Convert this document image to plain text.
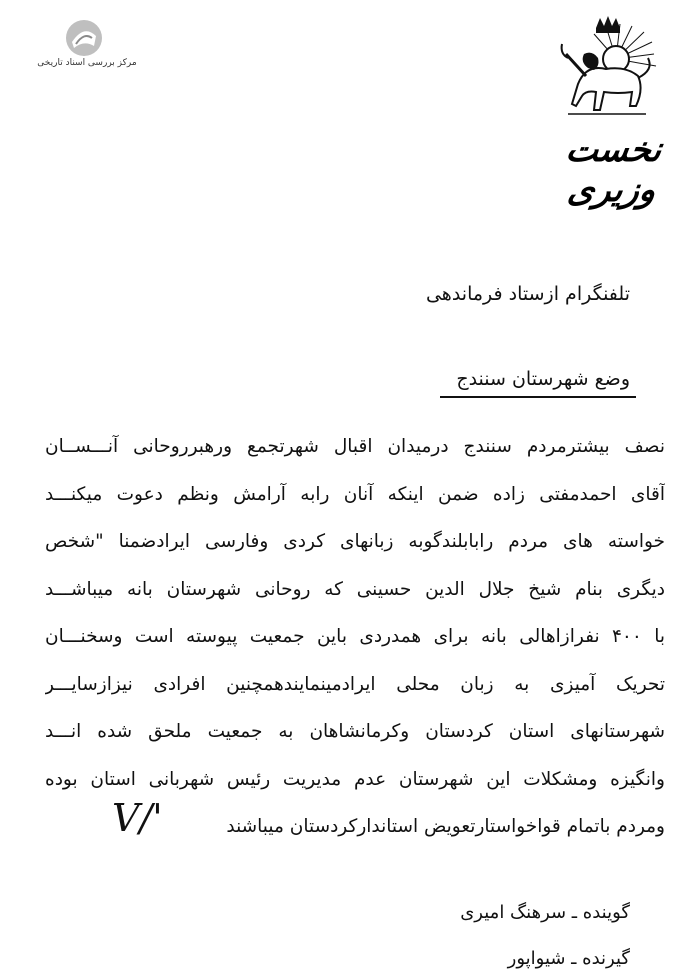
مرکز بررسی اسناد تاریخی
نخست وزیری
تلفنگرام ازستاد فرماندهی
وضع شهرستان سنندج
نصف بیشترمردم سنندج درمیدان اقبال شهرتجمع ورهبرروحانی آنـــســان
آقای احمدمفتی زاده ضمن اینکه آنان رابه آرامش ونظم دعوت میکنـــد
خواسته های مردم رابابلندگوبه زبانهای کردی وفارسی ایرادضمنا "شخص
دیگری بنام شیخ جلال الدین حسینی که روحانی شهرستان بانه میباشـــد
با ۴۰۰ نفرازاهالی بانه برای همدردی باین جمعیت پیوسته است وسخنـــان
تحریک آمیزی به زبان محلی ایرادمینمایندهمچنین افرادی نیزازسایـــر
شهرستانهای استان کردستان وکرمانشاهان به جمعیت ملحق شده انـــد
وانگیزه ومشکلات این شهرستان عدم مدیریت رئیس شهربانی استان بوده
ومردم باتمام قواخواستارتعویض استاندارکردستان میباشند
V/'
گوینده ـ سرهنگ امیری
گیرنده ـ شیواپور
